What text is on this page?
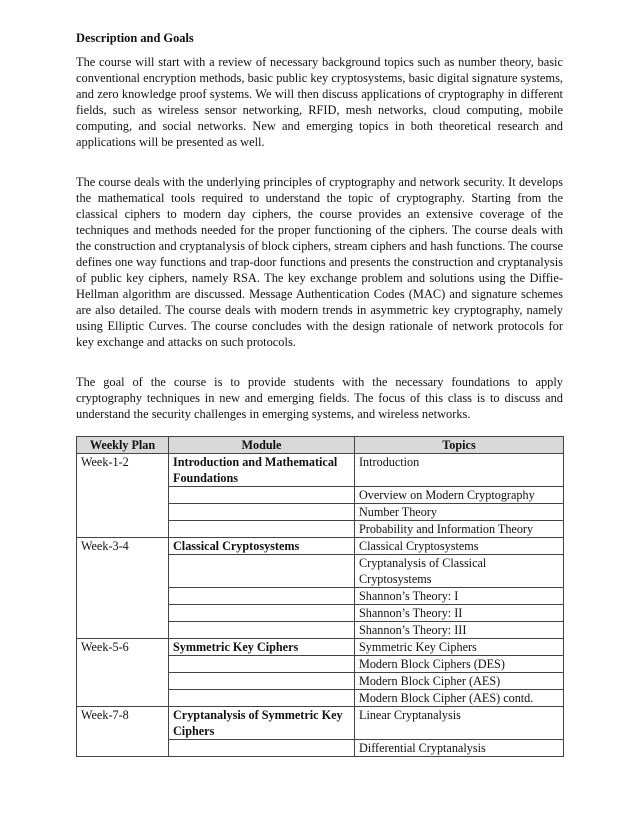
Description and Goals

The course will start with a review of necessary background topics such as number theory, basic conventional encryption methods, basic public key cryptosystems, basic digital signature systems, and zero knowledge proof systems. We will then discuss applications of cryptography in different fields, such as wireless sensor networking, RFID, mesh networks, cloud computing, mobile computing, and social networks. New and emerging topics in both theoretical research and applications will be presented as well.

The course deals with the underlying principles of cryptography and network security. It develops the mathematical tools required to understand the topic of cryptography. Starting from the classical ciphers to modern day ciphers, the course provides an extensive coverage of the techniques and methods needed for the proper functioning of the ciphers. The course deals with the construction and cryptanalysis of block ciphers, stream ciphers and hash functions. The course defines one way functions and trap-door functions and presents the construction and cryptanalysis of public key ciphers, namely RSA. The key exchange problem and solutions using the Diffie-Hellman algorithm are discussed. Message Authentication Codes (MAC) and signature schemes are also detailed. The course deals with modern trends in asymmetric key cryptography, namely using Elliptic Curves. The course concludes with the design rationale of network protocols for key exchange and attacks on such protocols.

The goal of the course is to provide students with the necessary foundations to apply cryptography techniques in new and emerging fields. The focus of this class is to discuss and understand the security challenges in emerging systems, and wireless networks.

Weekly Plan	Module	Topics
Week-1-2	Introduction and Mathematical Foundations	Introduction
		Overview on Modern Cryptography
		Number Theory
		Probability and Information Theory
Week-3-4	Classical Cryptosystems	Classical Cryptosystems
		Cryptanalysis of Classical Cryptosystems
		Shannon’s Theory: I
		Shannon’s Theory: II
		Shannon’s Theory: III
Week-5-6	Symmetric Key Ciphers	Symmetric Key Ciphers
		Modern Block Ciphers (DES)
		Modern Block Cipher (AES)
		Modern Block Cipher (AES) contd.
Week-7-8	Cryptanalysis of Symmetric Key Ciphers	Linear Cryptanalysis
		Differential Cryptanalysis
